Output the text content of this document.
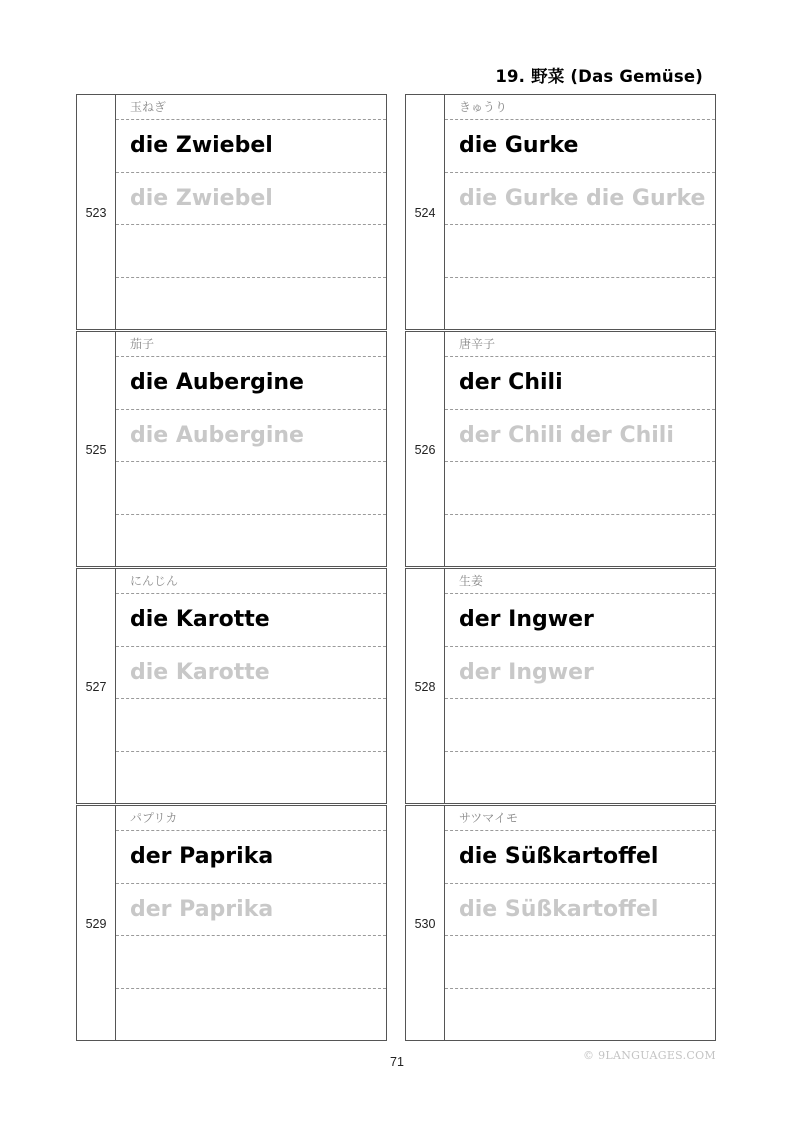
19. 野菜 (Das Gemüse)
523
玉ねぎ
die Zwiebel
die Zwiebel
524
きゅうり
die Gurke
die Gurke die Gurke
525
茄子
die Aubergine
die Aubergine
526
唐辛子
der Chili
der Chili der Chili
527
にんじん
die Karotte
die Karotte
528
生姜
der Ingwer
der Ingwer
529
パプリカ
der Paprika
der Paprika
530
サツマイモ
die Süßkartoffel
die Süßkartoffel
71	© 9LANGUAGES.COM
